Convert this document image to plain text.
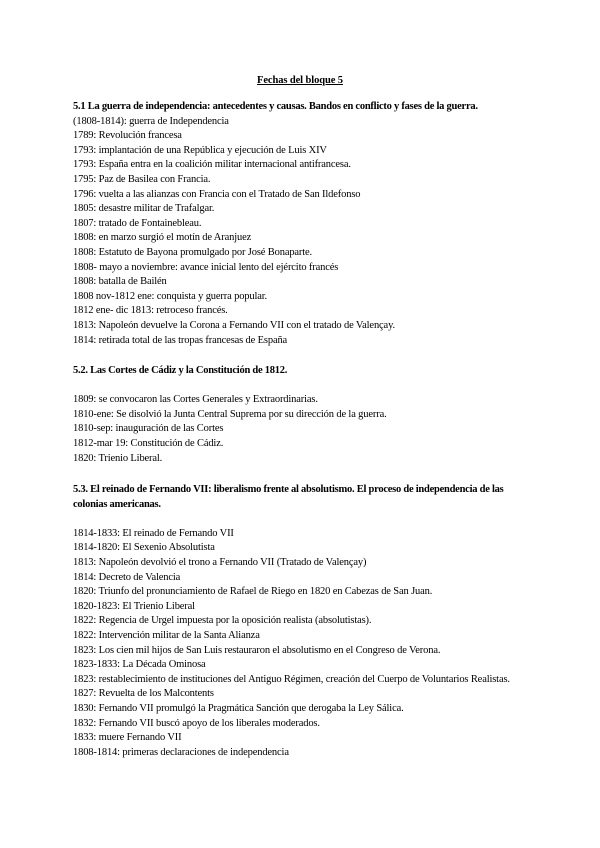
Fechas del bloque 5
5.1 La guerra de independencia: antecedentes y causas. Bandos en conflicto y fases de la guerra.
(1808-1814): guerra de Independencia
1789: Revolución francesa
1793: implantación de una República y ejecución de Luis XIV
1793: España entra en la coalición militar internacional antifrancesa.
1795: Paz de Basilea con Francia.
1796: vuelta a las alianzas con Francia con el Tratado de San Ildefonso
1805: desastre militar de Trafalgar.
1807: tratado de Fontainebleau.
1808: en marzo surgió el motín de Aranjuez
1808: Estatuto de Bayona promulgado por José Bonaparte.
1808- mayo a noviembre: avance inicial lento del ejército francés
1808: batalla de Bailén
1808 nov-1812 ene: conquista y guerra popular.
1812 ene- dic 1813: retroceso francés.
1813: Napoleón devuelve la Corona a Fernando VII con el tratado de Valençay.
1814: retirada total de las tropas francesas de España
5.2. Las Cortes de Cádiz y la Constitución de 1812.
1809: se convocaron las Cortes Generales y Extraordinarias.
1810-ene: Se disolvió la Junta Central Suprema por su dirección de la guerra.
1810-sep: inauguración de las Cortes
1812-mar 19: Constitución de Cádiz.
1820: Trienio Liberal.
5.3. El reinado de Fernando VII: liberalismo frente al absolutismo. El proceso de independencia de las colonias americanas.
1814-1833: El reinado de Fernando VII
1814-1820: El Sexenio Absolutista
1813: Napoleón devolvió el trono a Fernando VII (Tratado de Valençay)
1814: Decreto de Valencia
1820: Triunfo del pronunciamiento de Rafael de Riego en 1820 en Cabezas de San Juan.
1820-1823: El Trienio Liberal
1822: Regencia de Urgel impuesta por la oposición realista (absolutistas).
1822: Intervención militar de la Santa Alianza
1823: Los cien mil hijos de San Luis restauraron el absolutismo en el Congreso de Verona.
1823-1833: La Década Ominosa
1823: restablecimiento de instituciones del Antiguo Régimen, creación del Cuerpo de Voluntarios Realistas.
1827: Revuelta de los Malcontents
1830: Fernando VII promulgó la Pragmática Sanción que derogaba la Ley Sálica.
1832: Fernando VII buscó apoyo de los liberales moderados.
1833: muere Fernando VII
1808-1814: primeras declaraciones de independencia
